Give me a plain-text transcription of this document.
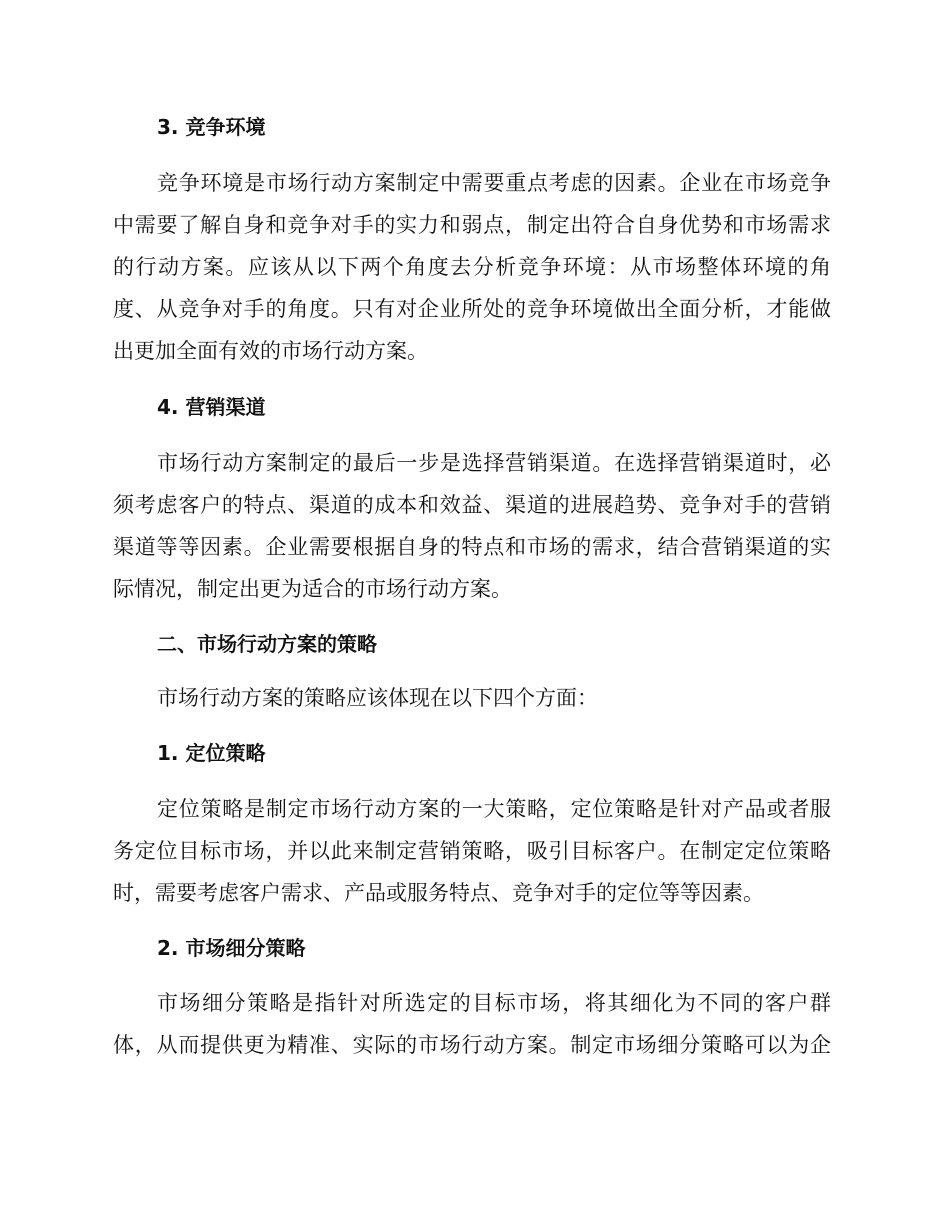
3. 竞争环境
竞争环境是市场行动方案制定中需要重点考虑的因素。企业在市场竞争
中需要了解自身和竞争对手的实力和弱点，制定出符合自身优势和市场需求
的行动方案。应该从以下两个角度去分析竞争环境：从市场整体环境的角
度、从竞争对手的角度。只有对企业所处的竞争环境做出全面分析，才能做
出更加全面有效的市场行动方案。
4. 营销渠道
市场行动方案制定的最后一步是选择营销渠道。在选择营销渠道时，必
须考虑客户的特点、渠道的成本和效益、渠道的进展趋势、竞争对手的营销
渠道等等因素。企业需要根据自身的特点和市场的需求，结合营销渠道的实
际情况，制定出更为适合的市场行动方案。
二、市场行动方案的策略
市场行动方案的策略应该体现在以下四个方面：
1. 定位策略
定位策略是制定市场行动方案的一大策略，定位策略是针对产品或者服
务定位目标市场，并以此来制定营销策略，吸引目标客户。在制定定位策略
时，需要考虑客户需求、产品或服务特点、竞争对手的定位等等因素。
2. 市场细分策略
市场细分策略是指针对所选定的目标市场，将其细化为不同的客户群
体，从而提供更为精准、实际的市场行动方案。制定市场细分策略可以为企
